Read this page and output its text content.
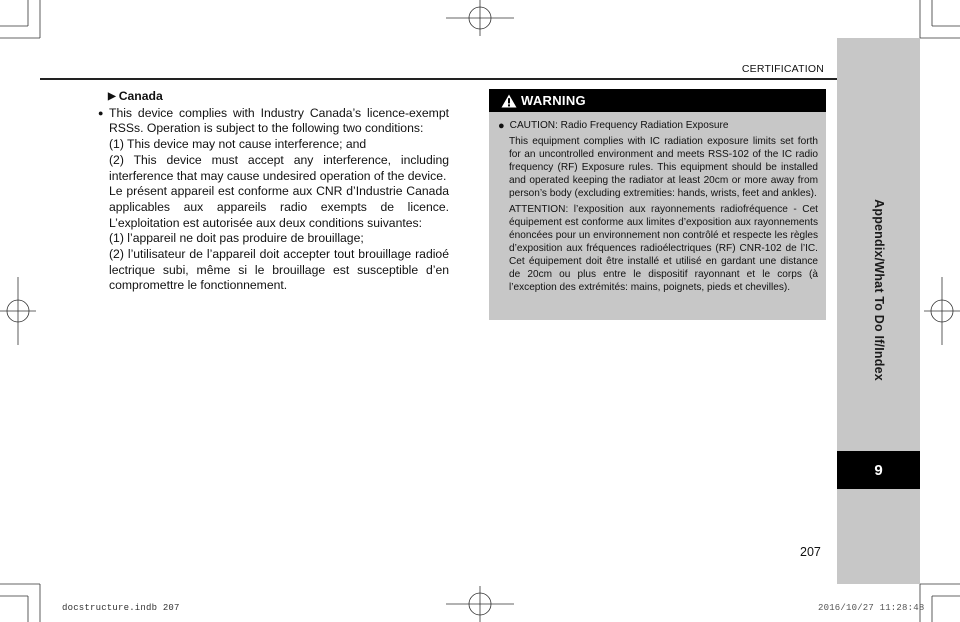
CERTIFICATION
Appendix/What To Do If/Index
9
▶ Canada
● This device complies with Industry Canada’s licence-exempt RSSs. Operation is subject to the following two conditions:

(1) This device may not cause interference; and

(2) This device must accept any interference, including interference that may cause undesired operation of the device.

Le présent appareil est conforme aux CNR d’Industrie Canada applicables aux appareils radio exempts de licence. L’exploitation est autorisée aux deux conditions suivantes:

(1) l’appareil ne doit pas produire de brouillage;

(2) l’utilisateur de l’appareil doit accepter tout brouillage radioé lectrique subi, même si le brouillage est susceptible d’en compromettre le fonctionnement.

WARNING
● CAUTION: Radio Frequency Radiation Exposure

This equipment complies with IC radiation exposure limits set forth for an uncontrolled environment and meets RSS-102 of the IC radio frequency (RF) Exposure rules. This equipment should be installed and operated keeping the radiator at least 20cm or more away from person’s body (excluding extremities: hands, wrists, feet and ankles).

ATTENTION: l’exposition aux rayonnements radiofréquence - Cet équipement est conforme aux limites d’exposition aux rayonnements énoncées pour un environnement non contrôlé et respecte les règles d’exposition aux fréquences radioélectriques (RF) CNR-102 de l’IC. Cet équipement doit être installé et utilisé en gardant une distance de 20cm ou plus entre le dispositif rayonnant et le corps (à l’exception des extrémités: mains, poignets, pieds et chevilles).

207
docstructure.indb 207	2016/10/27 11:28:48
